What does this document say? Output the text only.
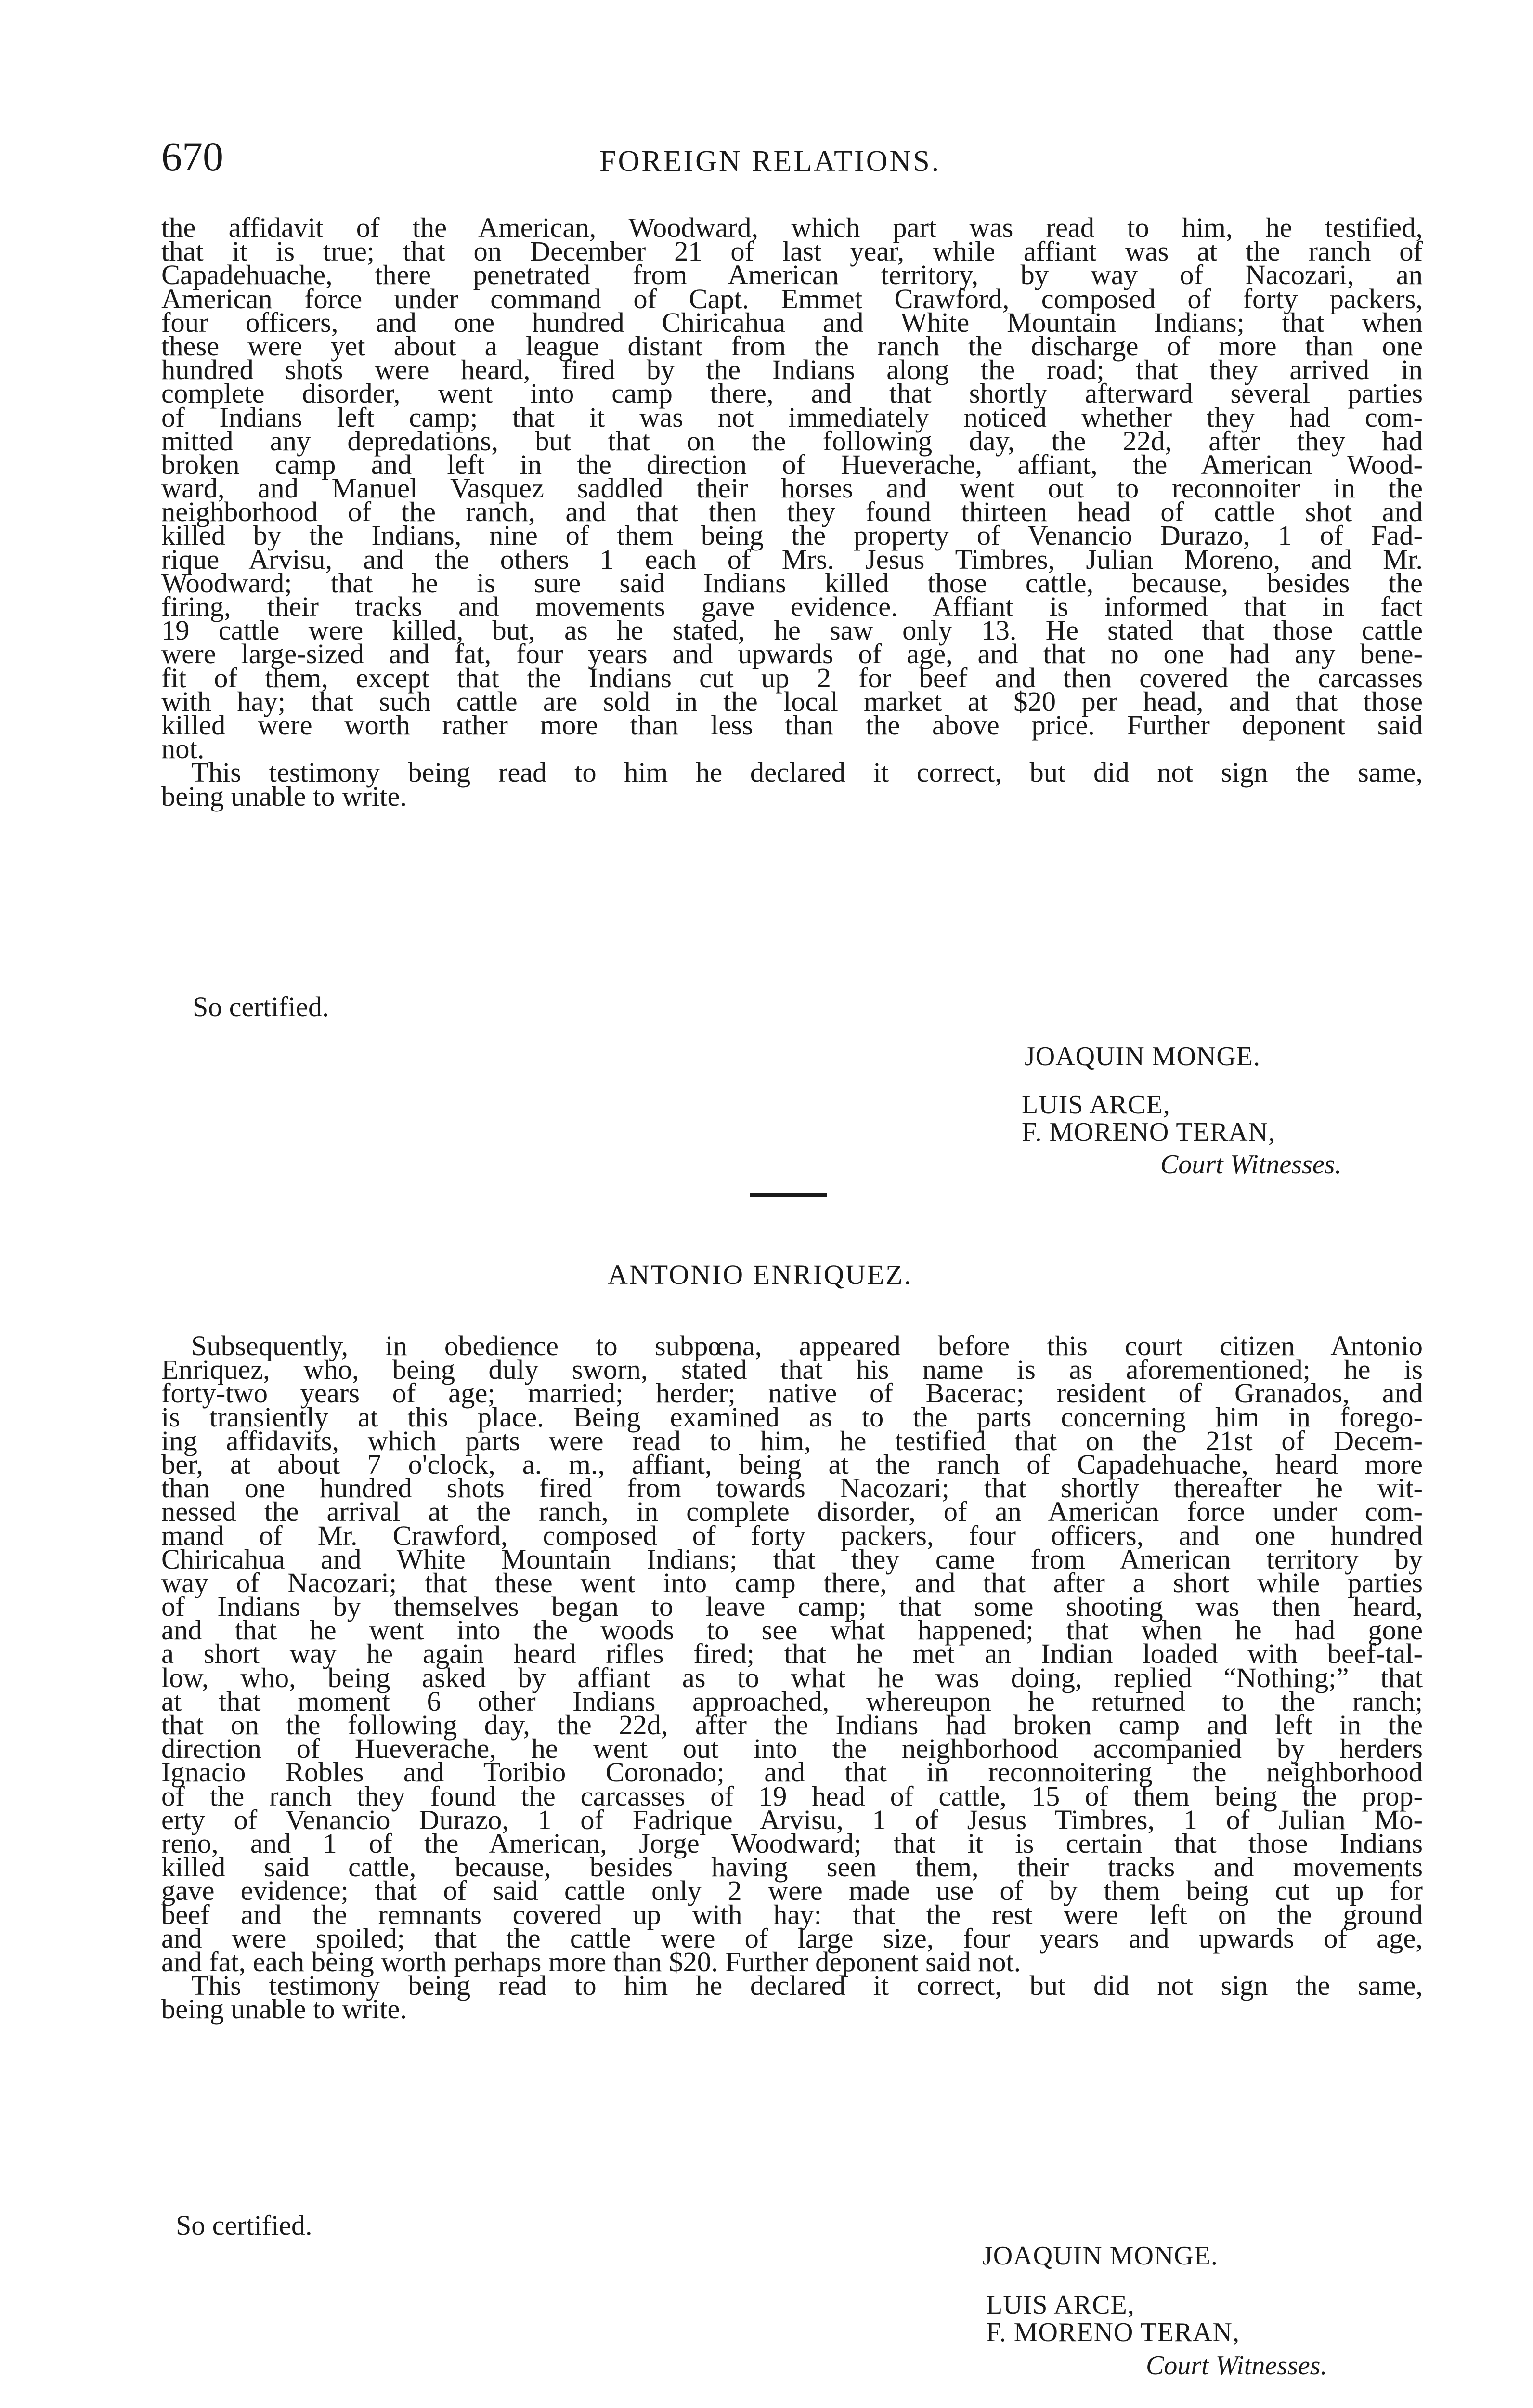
670	FOREIGN RELATIONS.
the affidavit of the American, Woodward, which part was read to him, he testified,
that it is true; that on December 21 of last year, while affiant was at the ranch of
Capadehuache, there penetrated from American territory, by way of Nacozari, an
American force under command of Capt. Emmet Crawford, composed of forty packers,
four officers, and one hundred Chiricahua and White Mountain Indians; that when
these were yet about a league distant from the ranch the discharge of more than one
hundred shots were heard, fired by the Indians along the road; that they arrived in
complete disorder, went into camp there, and that shortly afterward several parties
of Indians left camp; that it was not immediately noticed whether they had com-
mitted any depredations, but that on the following day, the 22d, after they had
broken camp and left in the direction of Hueverache, affiant, the American Wood-
ward, and Manuel Vasquez saddled their horses and went out to reconnoiter in the
neighborhood of the ranch, and that then they found thirteen head of cattle shot and
killed by the Indians, nine of them being the property of Venancio Durazo, 1 of Fad-
rique Arvisu, and the others 1 each of Mrs. Jesus Timbres, Julian Moreno, and Mr.
Woodward; that he is sure said Indians killed those cattle, because, besides the
firing, their tracks and movements gave evidence. Affiant is informed that in fact
19 cattle were killed, but, as he stated, he saw only 13. He stated that those cattle
were large-sized and fat, four years and upwards of age, and that no one had any bene-
fit of them, except that the Indians cut up 2 for beef and then covered the carcasses
with hay; that such cattle are sold in the local market at $20 per head, and that those
killed were worth rather more than less than the above price. Further deponent said
not.
This testimony being read to him he declared it correct, but did not sign the same,
being unable to write.
So certified.
JOAQUIN MONGE.
LUIS ARCE,
F. MORENO TERAN,
Court Witnesses.
ANTONIO ENRIQUEZ.
Subsequently, in obedience to subpœna, appeared before this court citizen Antonio
Enriquez, who, being duly sworn, stated that his name is as aforementioned; he is
forty-two years of age; married; herder; native of Bacerac; resident of Granados, and
is transiently at this place. Being examined as to the parts concerning him in forego-
ing affidavits, which parts were read to him, he testified that on the 21st of Decem-
ber, at about 7 o'clock, a. m., affiant, being at the ranch of Capadehuache, heard more
than one hundred shots fired from towards Nacozari; that shortly thereafter he wit-
nessed the arrival at the ranch, in complete disorder, of an American force under com-
mand of Mr. Crawford, composed of forty packers, four officers, and one hundred
Chiricahua and White Mountain Indians; that they came from American territory by
way of Nacozari; that these went into camp there, and that after a short while parties
of Indians by themselves began to leave camp; that some shooting was then heard,
and that he went into the woods to see what happened; that when he had gone
a short way he again heard rifles fired; that he met an Indian loaded with beef-tal-
low, who, being asked by affiant as to what he was doing, replied “Nothing;” that
at that moment 6 other Indians approached, whereupon he returned to the ranch;
that on the following day, the 22d, after the Indians had broken camp and left in the
direction of Hueverache, he went out into the neighborhood accompanied by herders
Ignacio Robles and Toribio Coronado; and that in reconnoitering the neighborhood
of the ranch they found the carcasses of 19 head of cattle, 15 of them being the prop-
erty of Venancio Durazo, 1 of Fadrique Arvisu, 1 of Jesus Timbres, 1 of Julian Mo-
reno, and 1 of the American, Jorge Woodward; that it is certain that those Indians
killed said cattle, because, besides having seen them, their tracks and movements
gave evidence; that of said cattle only 2 were made use of by them being cut up for
beef and the remnants covered up with hay: that the rest were left on the ground
and were spoiled; that the cattle were of large size, four years and upwards of age,
and fat, each being worth perhaps more than $20. Further deponent said not.
This testimony being read to him he declared it correct, but did not sign the same,
being unable to write.
So certified.
JOAQUIN MONGE.
LUIS ARCE,
F. MORENO TERAN,
Court Witnesses.
